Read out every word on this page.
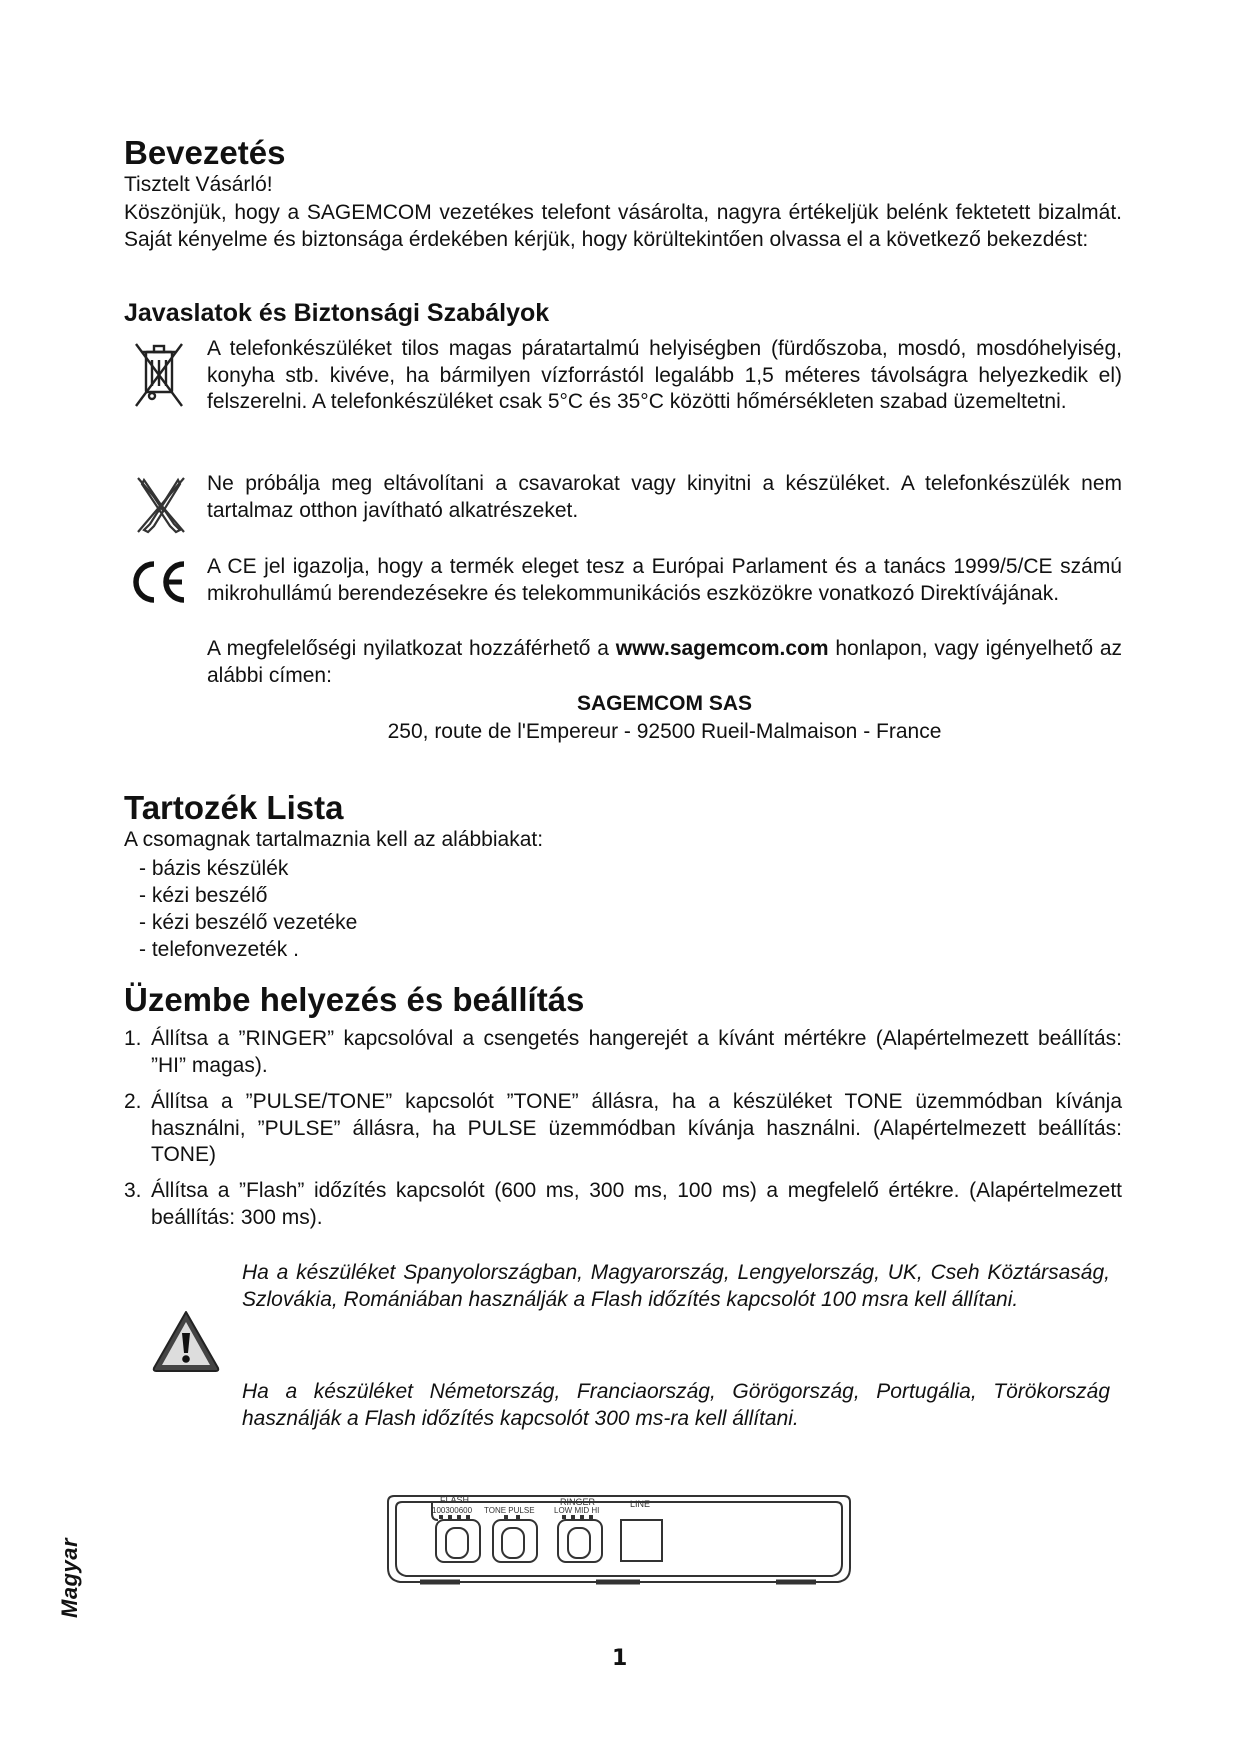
Bevezetés

Tisztelt Vásárló!

Köszönjük, hogy a SAGEMCOM vezetékes telefont vásárolta, nagyra értékeljük belénk fektetett bizalmát. Saját kényelme és biztonsága érdekében kérjük, hogy körültekintően olvassa el a következő bekezdést:

Javaslatok és Biztonsági Szabályok

A telefonkészüléket tilos magas páratartalmú helyiségben (fürdőszoba, mosdó, mosdóhelyiség, konyha stb. kivéve, ha bármilyen vízforrástól legalább 1,5 méteres távolságra helyezkedik el) felszerelni. A telefonkészüléket csak 5°C és 35°C közötti hőmérsékleten szabad üzemeltetni.

Ne próbálja meg eltávolítani a csavarokat vagy kinyitni a készüléket. A telefonkészülék nem tartalmaz otthon javítható alkatrészeket.

A CE jel igazolja, hogy a termék eleget tesz a Európai Parlament és a tanács 1999/5/CE számú mikrohullámú berendezésekre és telekommunikációs eszközökre vonatkozó Direktívájának.

A megfelelőségi nyilatkozat hozzáférhető a www.sagemcom.com honlapon, vagy igényelhető az alábbi címen:

SAGEMCOM SAS

250, route de l'Empereur - 92500 Rueil-Malmaison - France

Tartozék Lista

A csomagnak tartalmaznia kell az alábbiakat:

- bázis készülék
- kézi beszélő
- kézi beszélő vezetéke
- telefonvezeték .
Üzembe helyezés és beállítás
1. Állítsa a ”RINGER” kapcsolóval a csengetés hangerejét a kívánt mértékre (Alapértelmezett beállítás: ”HI” magas).
2. Állítsa a ”PULSE/TONE” kapcsolót ”TONE” állásra, ha a készüléket TONE üzemmódban kívánja használni, ”PULSE” állásra, ha PULSE üzemmódban kívánja használni. (Alapértelmezett beállítás: TONE)
3. Állítsa a ”Flash” időzítés kapcsolót (600 ms, 300 ms, 100 ms) a megfelelő értékre. (Alapértelmezett beállítás: 300 ms).

Ha a készüléket Spanyolországban, Magyarország, Lengyelország, UK, Cseh Köztársaság, Szlovákia, Romániában használják a Flash időzítés kapcsolót 100 msra kell állítani.

Ha a készüléket Németország, Franciaország, Görögország, Portugália, Törökország használják a Flash időzítés kapcsolót 300 ms-ra kell állítani.

FLASH
100300600 TONE PULSE
RINGER
LOW MID HI
LINE
Magyar
1
